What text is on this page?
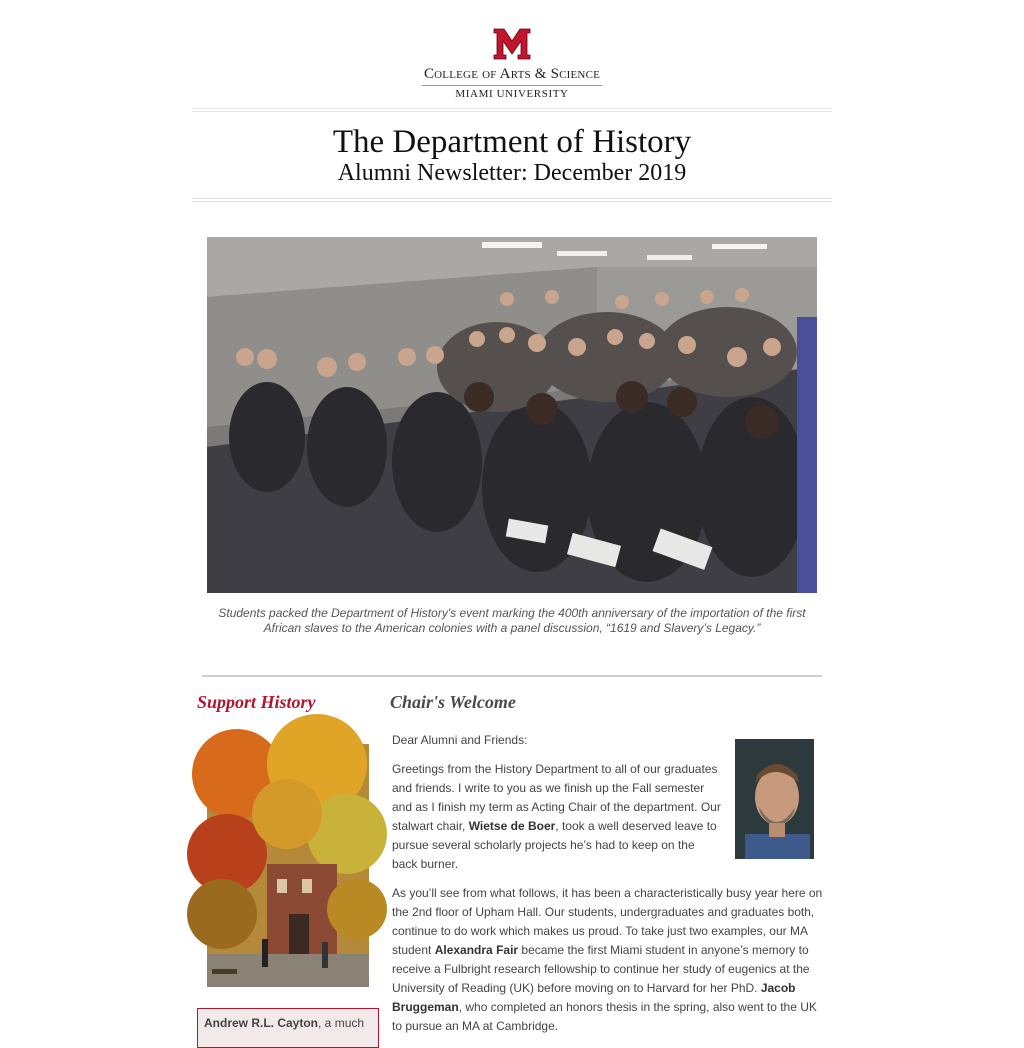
College of Arts & Science
MIAMI UNIVERSITY
The Department of History
Alumni Newsletter: December 2019
Students packed the Department of History's event marking the 400th anniversary of the importation of the first African slaves to the American colonies with a panel discussion, “1619 and Slavery’s Legacy.”
Support History
Andrew R.L. Cayton, a much
Chair's Welcome

Dear Alumni and Friends:

Greetings from the History Department to all of our graduates and friends. I write to you as we finish up the Fall semester and as I finish my term as Acting Chair of the department. Our stalwart chair, Wietse de Boer, took a well deserved leave to pursue several scholarly projects he’s had to keep on the back burner.

As you’ll see from what follows, it has been a characteristically busy year here on the 2nd floor of Upham Hall. Our students, undergraduates and graduates both, continue to do work which makes us proud. To take just two examples, our MA student Alexandra Fair became the first Miami student in anyone’s memory to receive a Fulbright research fellowship to continue her study of eugenics at the University of Reading (UK) before moving on to Harvard for her PhD. Jacob Bruggeman, who completed an honors thesis in the spring, also went to the UK to pursue an MA at Cambridge.
